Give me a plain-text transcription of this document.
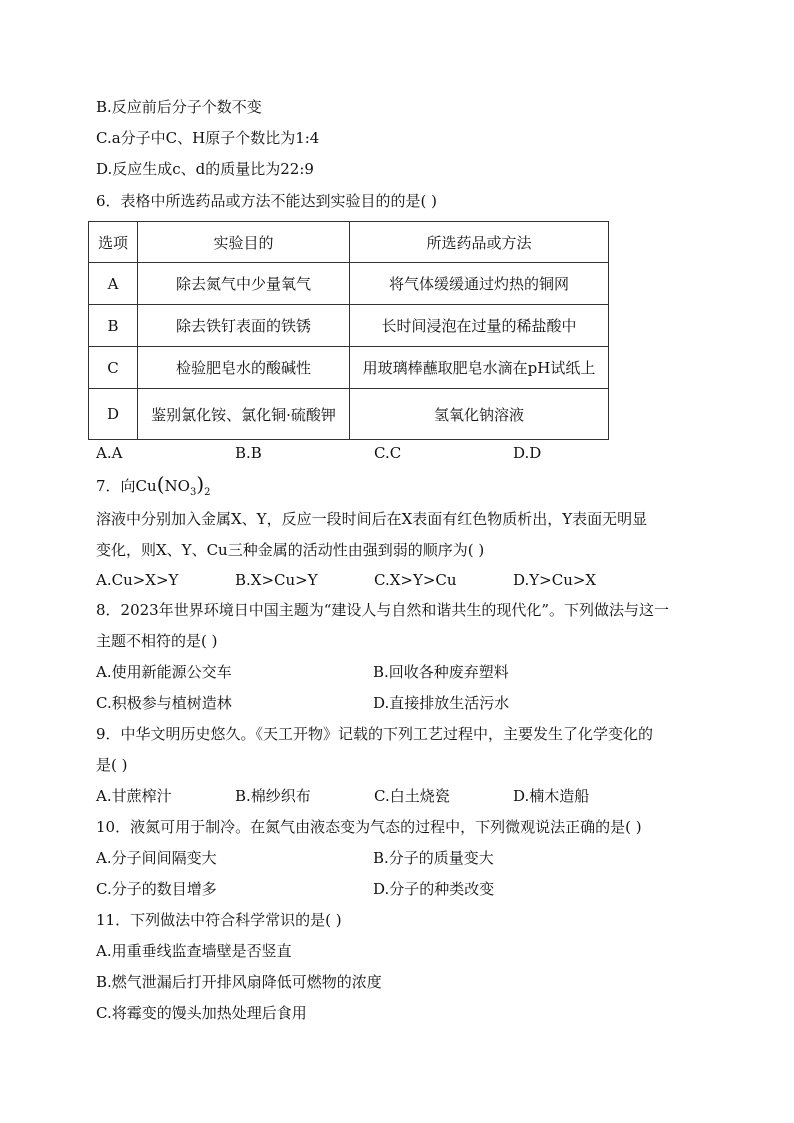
B.反应前后分子个数不变
C.a分子中C、H原子个数比为1:4
D.反应生成c、d的质量比为22:9
6．表格中所选药品或方法不能达到实验目的的是( )
选项	实验目的	所选药品或方法
A	除去氮气中少量氧气	将气体缓缓通过灼热的铜网
B	除去铁钉表面的铁锈	长时间浸泡在过量的稀盐酸中
C	检验肥皂水的酸碱性	用玻璃棒蘸取肥皂水滴在pH试纸上
D	鉴别氯化铵、氯化铜·硫酸钾	氢氧化钠溶液
A.A	B.B	C.C	D.D
7．向$Cu(NO_3)_2$
溶液中分别加入金属X、Y，反应一段时间后在X表面有红色物质析出，Y表面无明显
变化，则X、Y、Cu三种金属的活动性由强到弱的顺序为( )
A.Cu>X>Y	B.X>Cu>Y	C.X>Y>Cu	D.Y>Cu>X
8．2023年世界环境日中国主题为“建设人与自然和谐共生的现代化”。下列做法与这一
主题不相符的是( )
A.使用新能源公交车	B.回收各种废弃塑料
C.积极参与植树造林	D.直接排放生活污水
9．中华文明历史悠久。《天工开物》记载的下列工艺过程中，主要发生了化学变化的
是( )
A.甘蔗榨汁	B.棉纱织布	C.白土烧瓷	D.楠木造船
10．液氮可用于制冷。在氮气由液态变为气态的过程中，下列微观说法正确的是( )
A.分子间间隔变大	B.分子的质量变大
C.分子的数目增多	D.分子的种类改变
11．下列做法中符合科学常识的是( )
A.用重垂线监查墙壁是否竖直
B.燃气泄漏后打开排风扇降低可燃物的浓度
C.将霉变的馒头加热处理后食用
